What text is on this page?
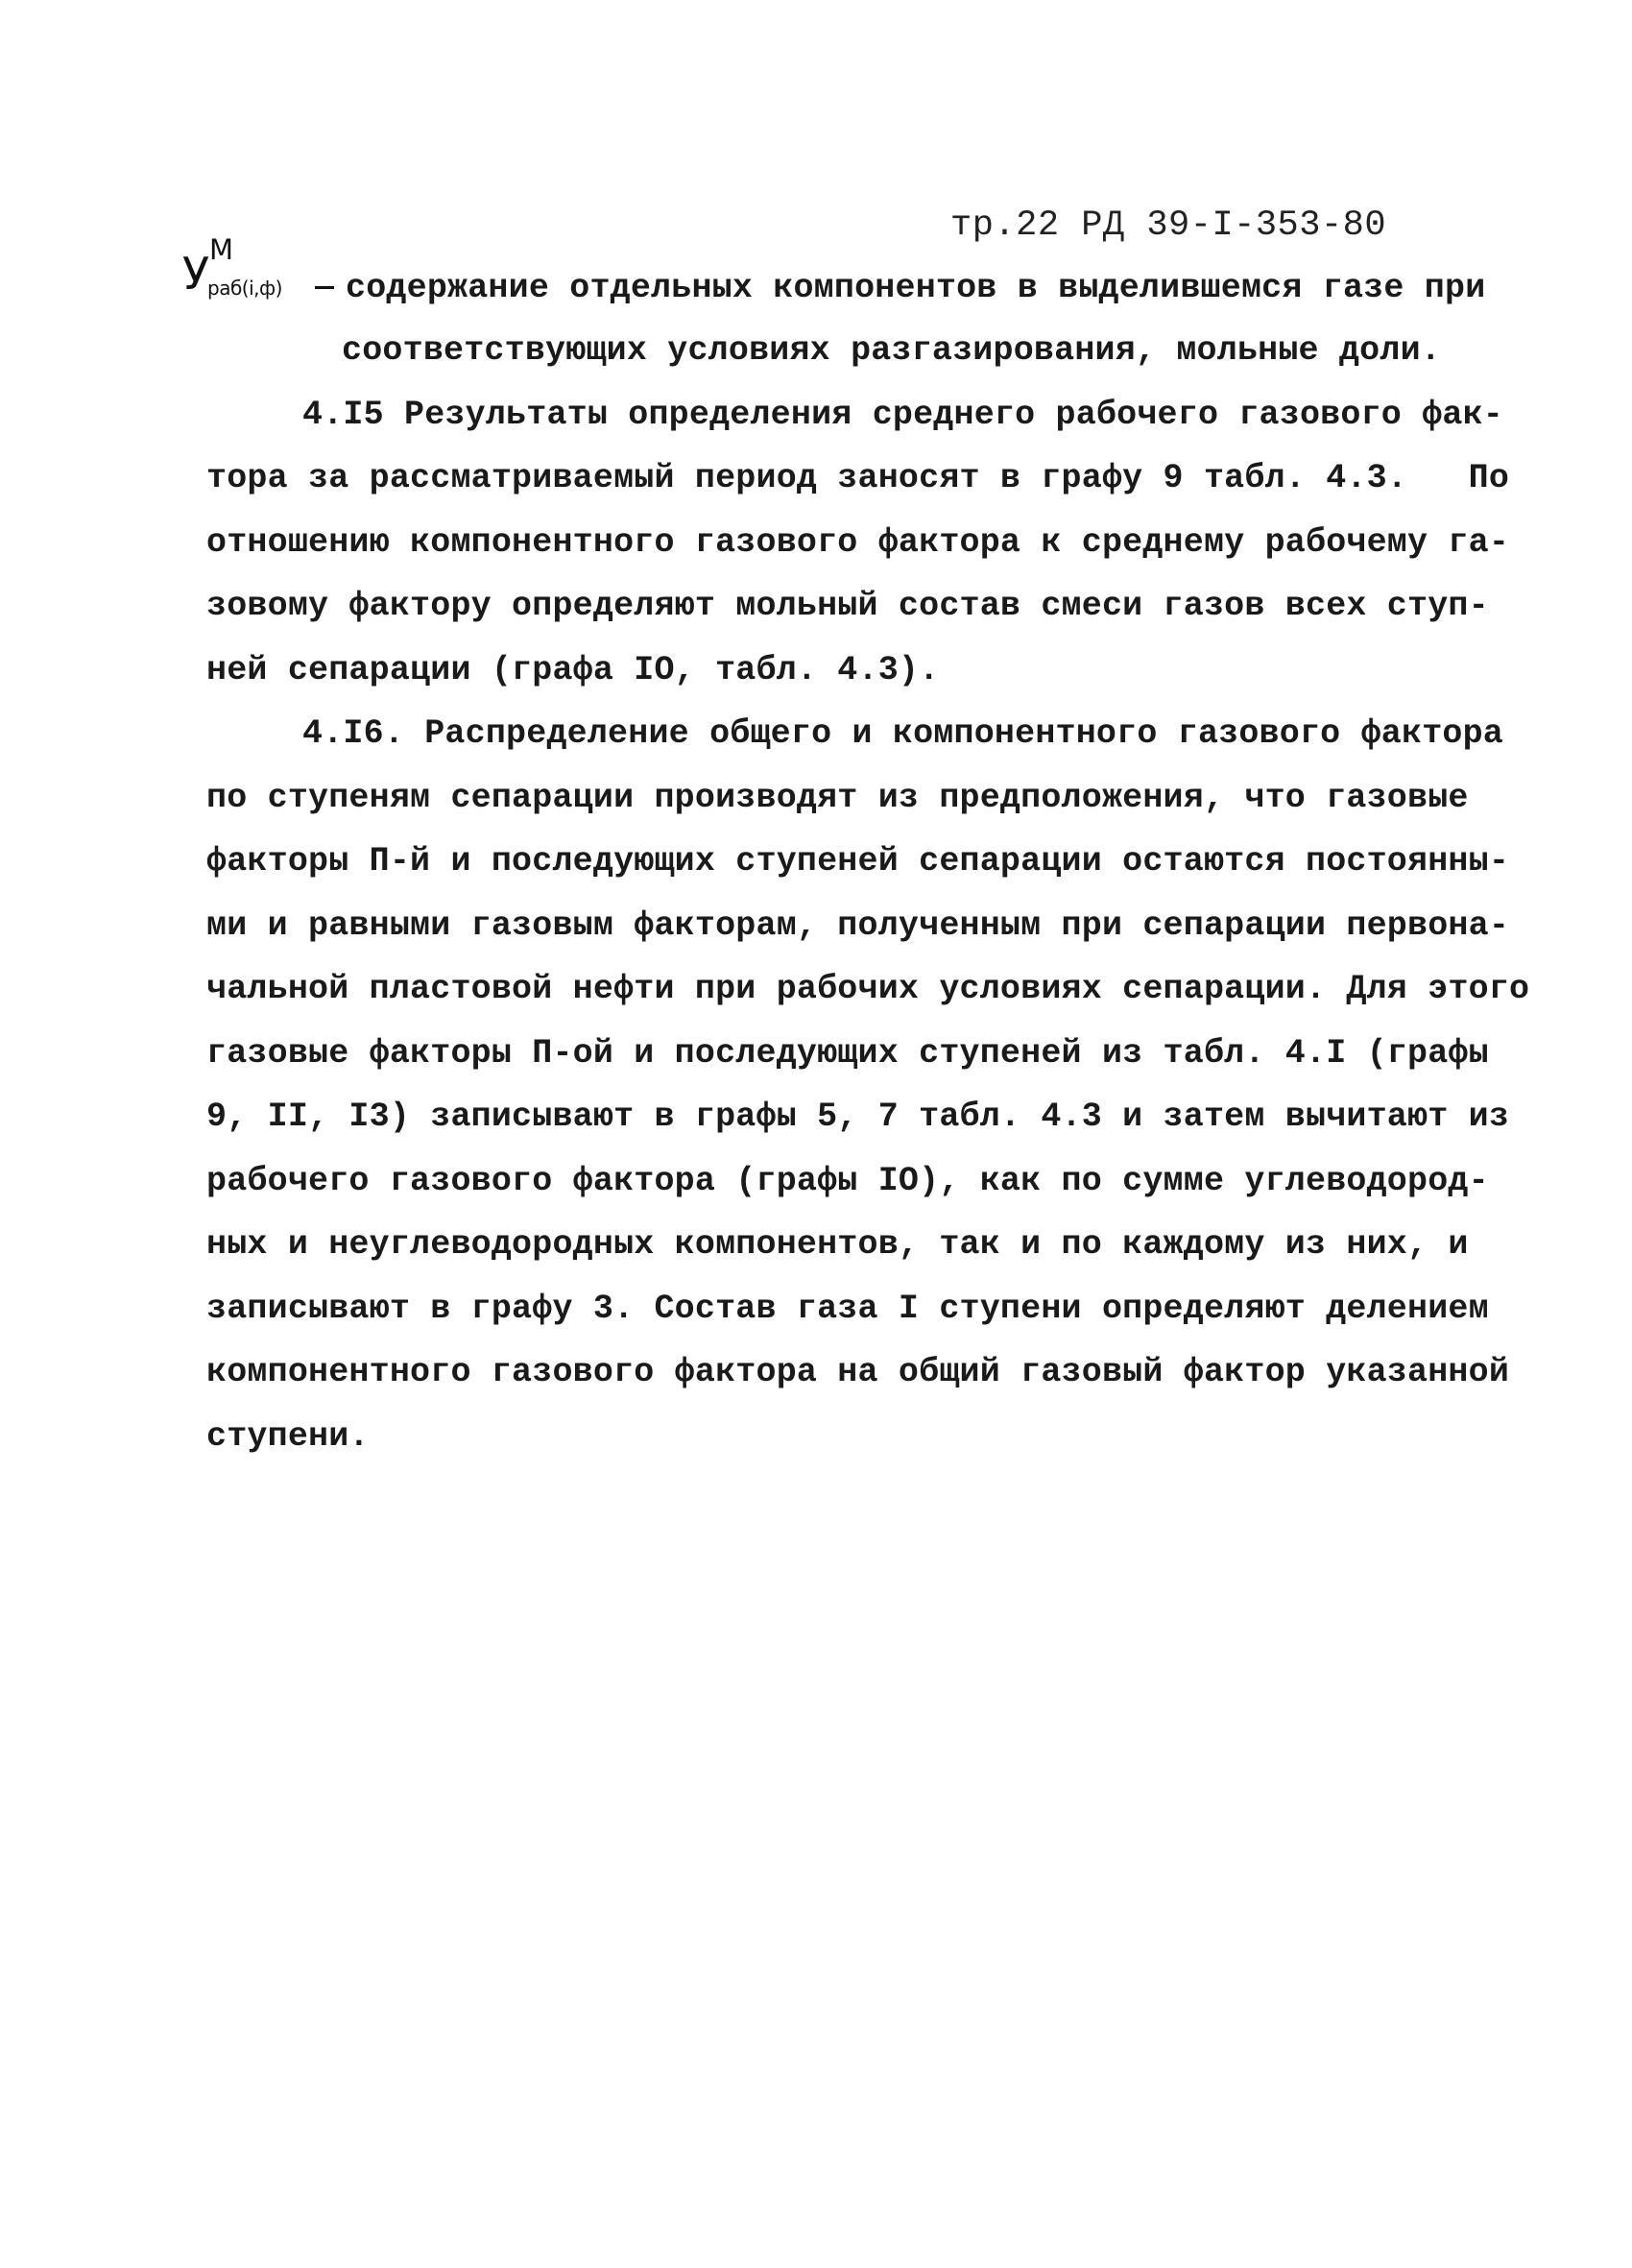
тр.22 РД 39-I-353-80
У М
раб(i,ф) содержание отдельных компонентов в выделившемся газе при
соответствующих условиях разгазирования, мольные доли.
4.I5 Результаты определения среднего рабочего газового фак-
тора за рассматриваемый период заносят в графу 9 табл. 4.3.   По
отношению компонентного газового фактора к среднему рабочему га-
зовому фактору определяют мольный состав смеси газов всех ступ-
ней сепарации (графа IO, табл. 4.3).
4.I6. Распределение общего и компонентного газового фактора
по ступеням сепарации производят из предположения, что газовые
факторы П-й и последующих ступеней сепарации остаются постоянны-
ми и равными газовым факторам, полученным при сепарации первона-
чальной пластовой нефти при рабочих условиях сепарации. Для этого
газовые факторы П-ой и последующих ступеней из табл. 4.I (графы
9, II, I3) записывают в графы 5, 7 табл. 4.3 и затем вычитают из
рабочего газового фактора (графы IO), как по сумме углеводород-
ных и неуглеводородных компонентов, так и по каждому из них, и
записывают в графу 3. Состав газа I ступени определяют делением
компонентного газового фактора на общий газовый фактор указанной
ступени.
